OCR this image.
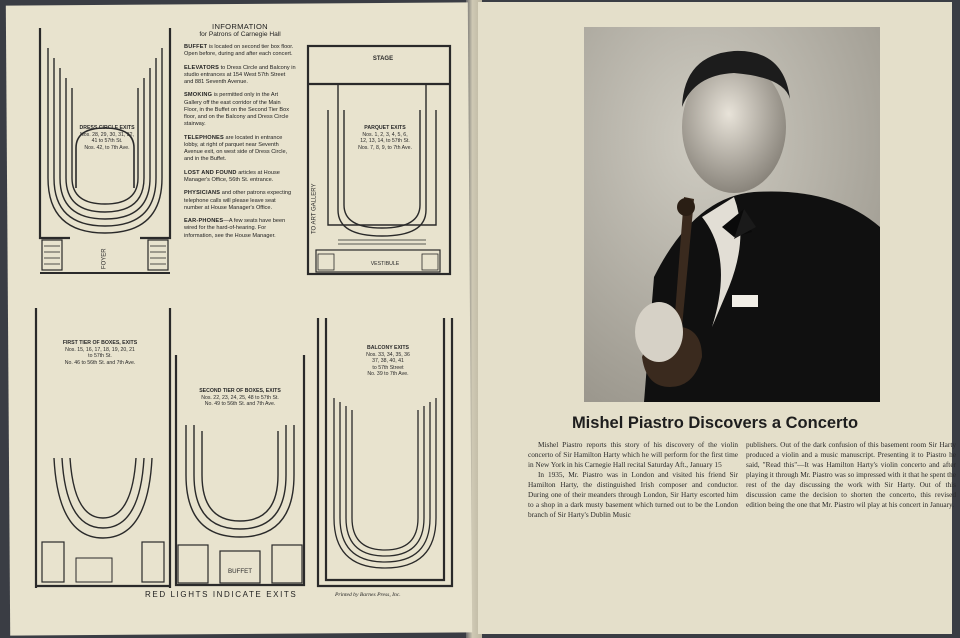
DRESS CIRCLE EXITS
Nos. 28, 29, 30, 31, 32,
41 to 57th St.
Nos. 42, to 7th Ave.
FOYER
INFORMATION
for Patrons of Carnegie Hall

BUFFET is located on second tier box floor. Open before, during and after each concert.

ELEVATORS to Dress Circle and Balcony in studio entrances at 154 West 57th Street and 881 Seventh Avenue.

SMOKING is permitted only in the Art Gallery off the east corridor of the Main Floor, in the Buffet on the Second Tier Box floor, and on the Balcony and Dress Circle stairway.

TELEPHONES are located in entrance lobby, at right of parquet near Seventh Avenue exit, on west side of Dress Circle, and in the Buffet.

LOST AND FOUND articles at House Manager's Office, 56th St. entrance.

PHYSICIANS and other patrons expecting telephone calls will please leave seat number at House Manager's Office.

EAR-PHONES—A few seats have been wired for the hard-of-hearing. For information, see the House Manager.

STAGE
PARQUET EXITS
Nos. 1, 2, 3, 4, 5, 6,
12, 13, 14, to 57th St.
Nos. 7, 8, 9, to 7th Ave.
VESTIBULE
TO ART GALLERY
FIRST TIER OF BOXES, EXITS
Nos. 15, 16, 17, 18, 19, 20, 21
to 57th St.
No. 46 to 56th St. and 7th Ave.
SECOND TIER OF BOXES, EXITS
Nos. 22, 23, 24, 25, 48 to 57th St.
No. 49 to 56th St. and 7th Ave.
BUFFET
BALCONY EXITS
Nos. 33, 34, 35, 36
37, 38, 40, 41
to 57th Street
No. 39 to 7th Ave.
RED LIGHTS INDICATE EXITS	Printed by Barnes Press, Inc.
Mishel Piastro Discovers a Concerto

Mishel Piastro reports this story of his discovery of the violin concerto of Sir Hamilton Harty which he will perform for the first time in New York in his Carnegie Hall recital Saturday Aft., January 15

In 1935, Mr. Piastro was in London and visited his friend Sir Hamilton Harty, the distinguished Irish composer and conductor. During one of their meanders through London, Sir Harty escorted him to a shop in a dark musty basement which turned out to be the London branch of Sir Harty's Dublin Music

publishers. Out of the dark confusion of this basement room Sir Harty produced a violin and a music manuscript. Presenting it to Piastro he said, "Read this"—It was Hamilton Harty's violin concerto and after playing it through Mr. Piastro was so impressed with it that he spent the rest of the day discussing the work with Sir Harty. Out of this discussion came the decision to shorten the concerto, this revised edition being the one that Mr. Piastro wil play at his concert in January.
